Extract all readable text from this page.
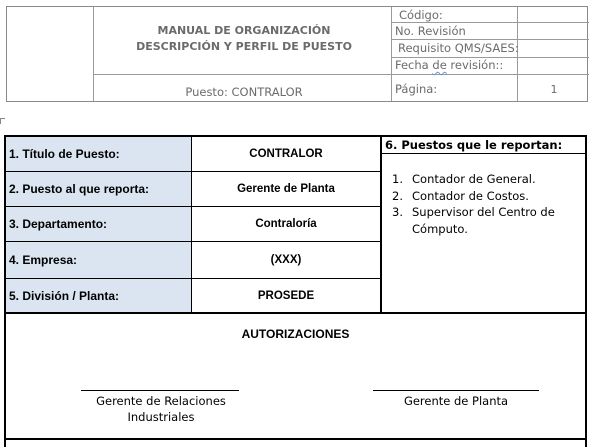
MANUAL DE ORGANIZACIÓN
DESCRIPCIÓN Y PERFIL DE PUESTO
Puesto: CONTRALOR
Código:
No. Revisión
Requisito QMS/SAES:
Fecha de revisión::
Página:	1
1. Título de Puesto:	CONTRALOR
2. Puesto al que reporta:	Gerente de Planta
3. Departamento:	Contraloría
4. Empresa:	(XXX)
5. División / Planta:	PROSEDE
6. Puestos que le reportan:
1. Contador de General.
2. Contador de Costos.
3. Supervisor del Centro de Cómputo.
AUTORIZACIONES
Gerente de Relaciones Industriales
Gerente de Planta
